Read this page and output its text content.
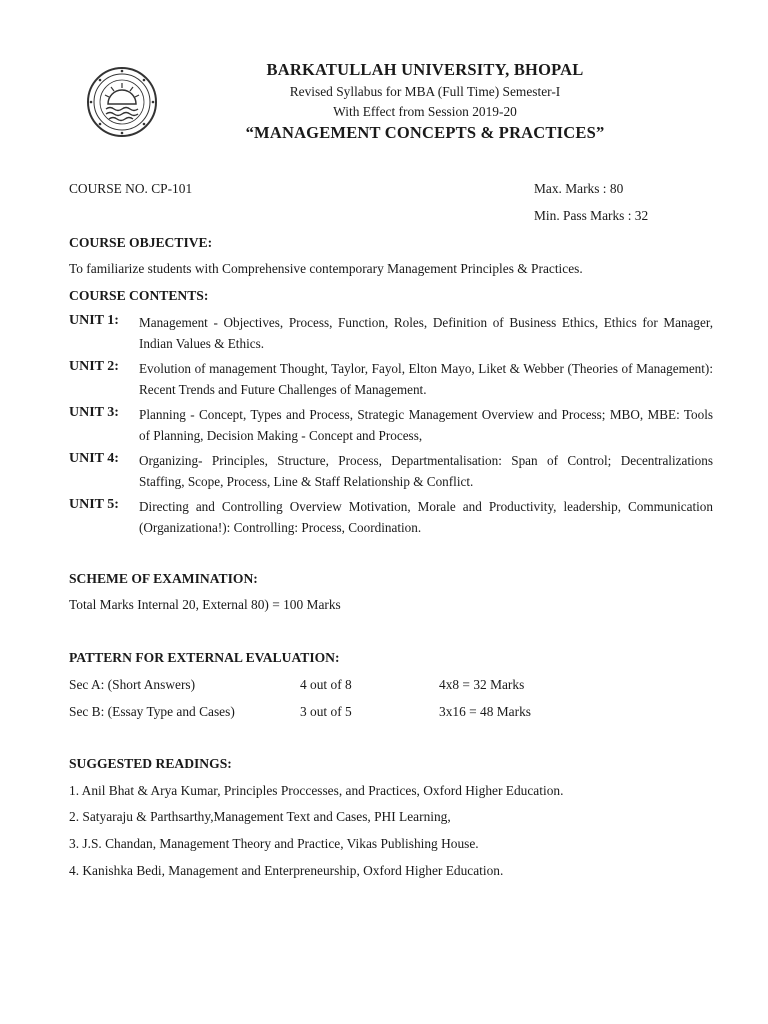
BARKATULLAH UNIVERSITY, BHOPAL
Revised Syllabus for MBA (Full Time) Semester-I
With Effect from Session 2019-20
“MANAGEMENT CONCEPTS & PRACTICES”
COURSE NO. CP-101	Max. Marks : 80
Min. Pass Marks : 32
COURSE OBJECTIVE:
To familiarize students with Comprehensive contemporary Management Principles & Practices.
COURSE CONTENTS:
UNIT 1: Management - Objectives, Process, Function, Roles, Definition of Business Ethics, Ethics for Manager, Indian Values & Ethics.
UNIT 2: Evolution of management Thought, Taylor, Fayol, Elton Mayo, Liket & Webber (Theories of Management): Recent Trends and Future Challenges of Management.
UNIT 3: Planning - Concept, Types and Process, Strategic Management Overview and Process; MBO, MBE: Tools of Planning, Decision Making - Concept and Process,
UNIT 4: Organizing- Principles, Structure, Process, Departmentalisation: Span of Control; Decentralizations Staffing, Scope, Process, Line & Staff Relationship & Conflict.
UNIT 5: Directing and Controlling Overview Motivation, Morale and Productivity, leadership, Communication (Organizationa!): Controlling: Process, Coordination.
SCHEME OF EXAMINATION:
Total Marks Internal 20, External 80) = 100 Marks
PATTERN FOR EXTERNAL EVALUATION:
Sec A: (Short Answers)	4 out of 8	4x8 = 32 Marks
Sec B: (Essay Type and Cases)	3 out of 5	3x16 = 48 Marks
SUGGESTED READINGS:
1. Anil Bhat & Arya Kumar, Principles Proccesses, and Practices, Oxford Higher Education.
2. Satyaraju & Parthsarthy,Management Text and Cases, PHI Learning,
3. J.S. Chandan, Management Theory and Practice, Vikas Publishing House.
4. Kanishka Bedi, Management and Enterpreneurship, Oxford Higher Education.
